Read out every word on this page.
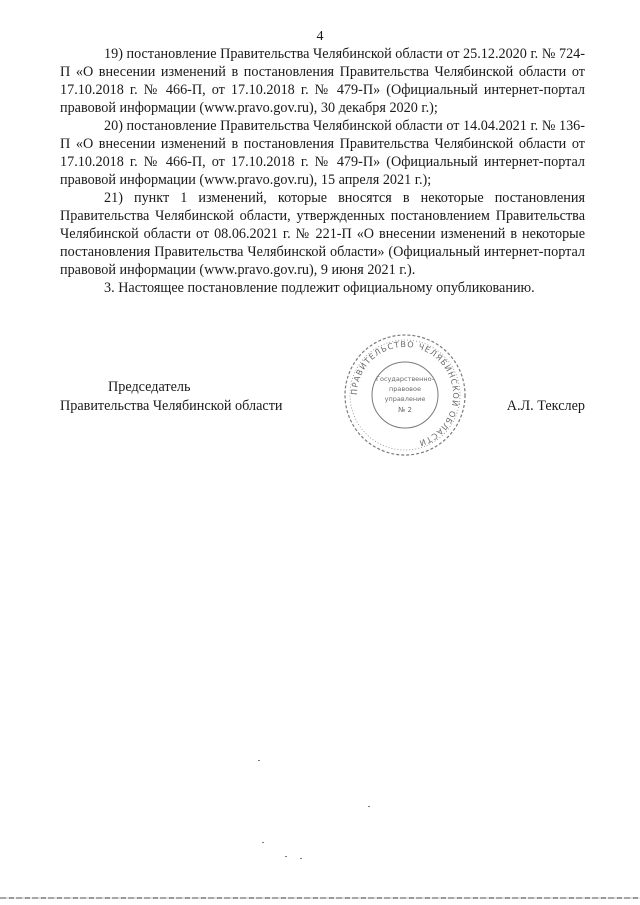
4

19) постановление Правительства Челябинской области от 25.12.2020 г. № 724-П «О внесении изменений в постановления Правительства Челябинской области от 17.10.2018 г. № 466-П, от 17.10.2018 г. № 479-П» (Официальный интернет-портал правовой информации (www.pravo.gov.ru), 30 декабря 2020 г.);

20) постановление Правительства Челябинской области от 14.04.2021 г. № 136-П «О внесении изменений в постановления Правительства Челябинской области от 17.10.2018 г. № 466-П, от 17.10.2018 г. № 479-П» (Официальный интернет-портал правовой информации (www.pravo.gov.ru), 15 апреля 2021 г.);

21) пункт 1 изменений, которые вносятся в некоторые постановления Правительства Челябинской области, утвержденных постановлением Правительства Челябинской области от 08.06.2021 г. № 221-П «О внесении изменений в некоторые постановления Правительства Челябинской области» (Официальный интернет-портал правовой информации (www.pravo.gov.ru), 9 июня 2021 г.).

3. Настоящее постановление подлежит официальному опубликованию.

ПРАВИТЕЛЬСТВО ЧЕЛЯБИНСКОЙ ОБЛАСТИ
Государственно-
правовое
управление
№ 2
Председатель
Правительства Челябинской области	А.Л. Текслер
